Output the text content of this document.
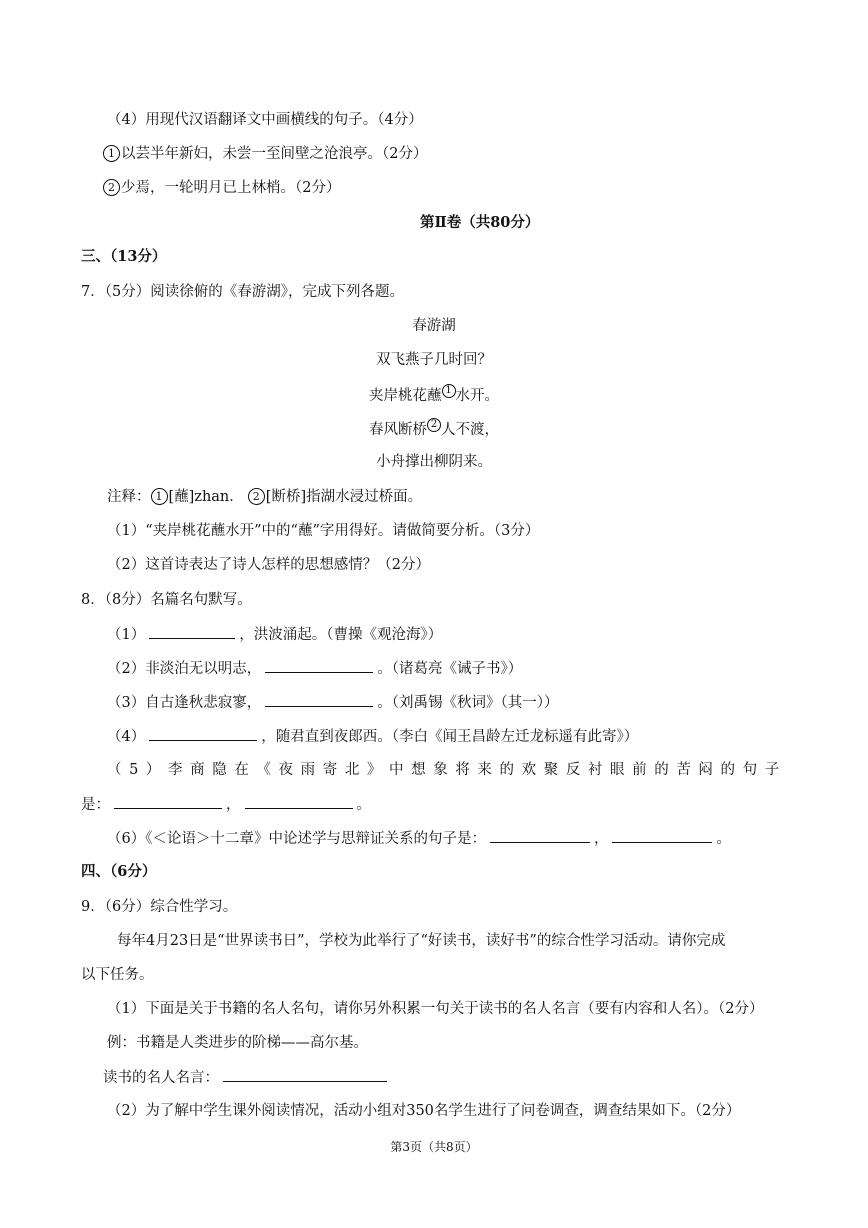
（4）用现代汉语翻译文中画横线的句子。（4分）
1 以芸半年新妇，未尝一至间壁之沧浪亭。（2分）
2 少焉，一轮明月已上林梢。（2分）
第Ⅱ卷（共80分）
三、（13分）
7．（5分）阅读徐俯的《春游湖》，完成下列各题。
春游湖
双飞燕子几时回？
夹岸桃花蘸 1 水开。
春风断桥 2 人不渡，
小舟撑出柳阴来。
注释： 1 [蘸]zhan． 2 [断桥]指湖水浸过桥面。
（1）“夹岸桃花蘸水开”中的“蘸”字用得好。请做简要分析。（3分）
（2）这首诗表达了诗人怎样的思想感情？（2分）
8．（8分）名篇名句默写。
（1）	，洪波涌起。（曹操《观沧海》）
（2）非淡泊无以明志，	。（诸葛亮《诫子书》）
（3）自古逢秋悲寂寥，	。（刘禹锡《秋词》（其一））
（4）	，随君直到夜郎西。（李白《闻王昌龄左迁龙标遥有此寄》）
（5）李商隐在《夜雨寄北》中想象将来的欢聚反衬眼前的苦闷的句子
是：	，	。
（6）《＜论语＞十二章》中论述学与思辩证关系的句子是：	，	。
四、（6分）
9．（6分）综合性学习。
每年4月23日是“世界读书日”，学校为此举行了“好读书，读好书”的综合性学习活动。请你完成
以下任务。
（1）下面是关于书籍的名人名句，请你另外积累一句关于读书的名人名言（要有内容和人名）。（2分）
例：书籍是人类进步的阶梯——高尔基。
读书的名人名言：
（2）为了解中学生课外阅读情况，活动小组对350名学生进行了问卷调查，调查结果如下。（2分）
第3页（共8页）
